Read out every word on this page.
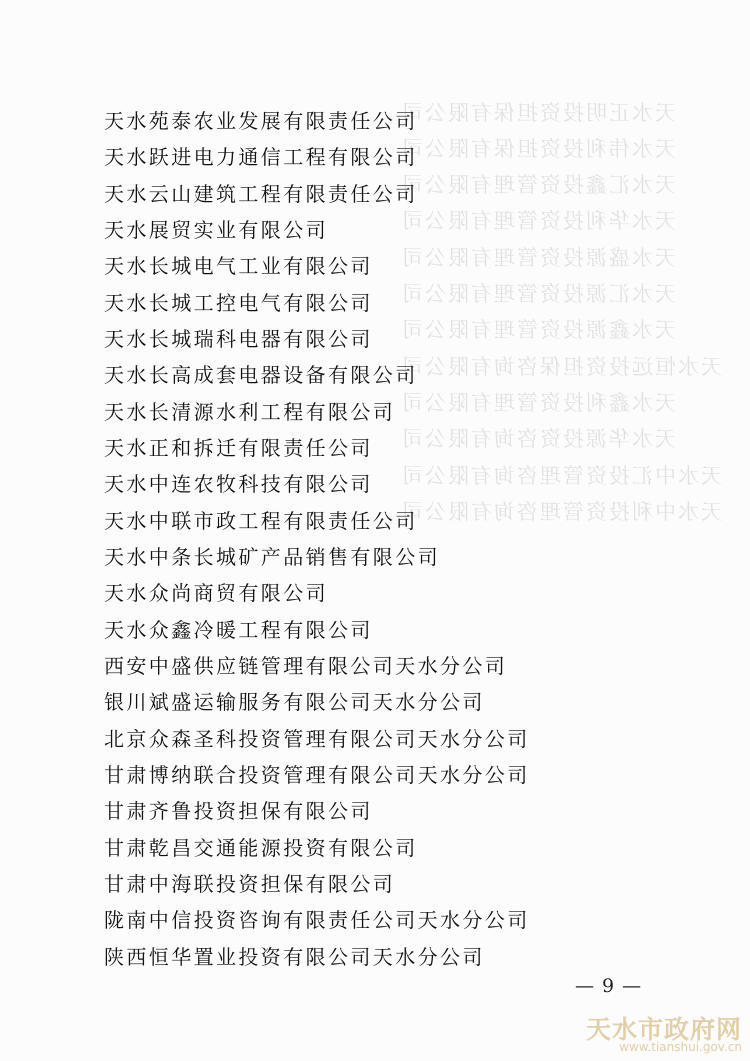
天水正明投资担保有限公司
天水伟利投资担保有限公司
天水汇鑫投资管理有限公司
天水华利投资管理有限公司
天水盛源投资管理有限公司
天水汇源投资管理有限公司
天水鑫源投资管理有限公司
天水恒远投资担保咨询有限公司
天水鑫利投资管理有限公司
天水华源投资咨询有限公司
天水中汇投资管理咨询有限公司
天水中利投资管理咨询有限公司
天水苑泰农业发展有限责任公司
天水跃进电力通信工程有限公司
天水云山建筑工程有限责任公司
天水展贸实业有限公司
天水长城电气工业有限公司
天水长城工控电气有限公司
天水长城瑞科电器有限公司
天水长高成套电器设备有限公司
天水长清源水利工程有限公司
天水正和拆迁有限责任公司
天水中连农牧科技有限公司
天水中联市政工程有限责任公司
天水中条长城矿产品销售有限公司
天水众尚商贸有限公司
天水众鑫冷暖工程有限公司
西安中盛供应链管理有限公司天水分公司
银川斌盛运输服务有限公司天水分公司
北京众森圣科投资管理有限公司天水分公司
甘肃博纳联合投资管理有限公司天水分公司
甘肃齐鲁投资担保有限公司
甘肃乾昌交通能源投资有限公司
甘肃中海联投资担保有限公司
陇南中信投资咨询有限责任公司天水分公司
陕西恒华置业投资有限公司天水分公司
— 9 —
天水市政府网
www.tianshui.gov.cn
